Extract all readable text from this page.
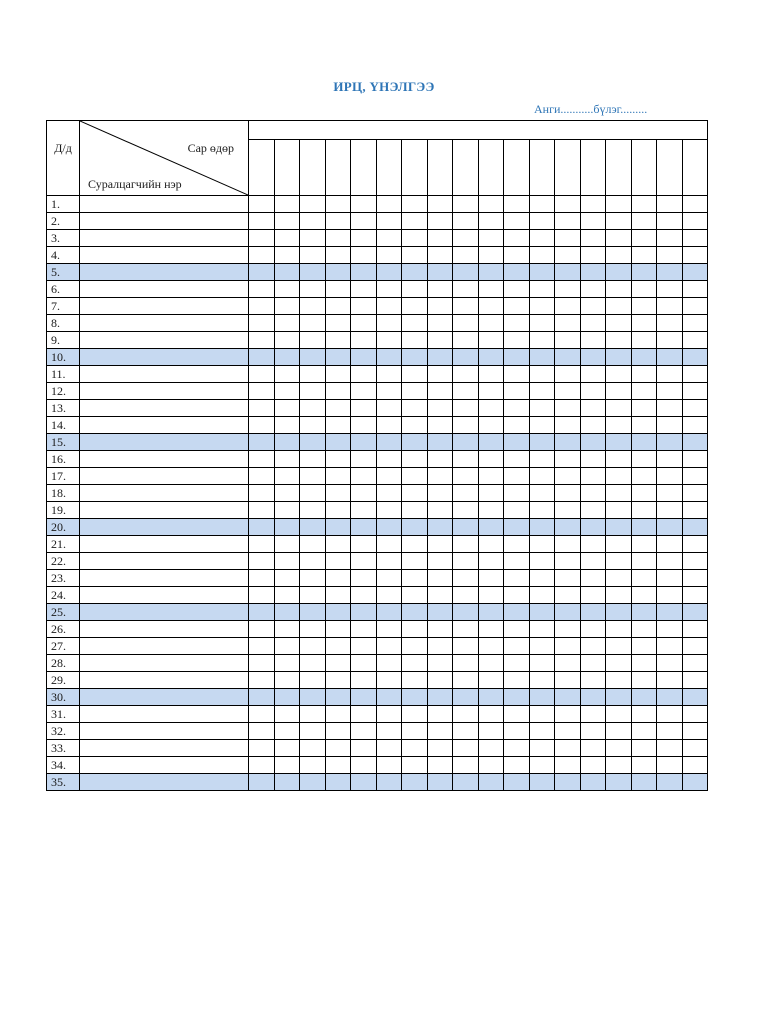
ИРЦ, ҮНЭЛГЭЭ
Анги...........бүлэг.........
Д/д	Сар өдөр
Суралцагчийн нэр																		

1.																			
2.																			
3.																			
4.																			
5.																			
6.																			
7.																			
8.																			
9.																			
10.																			
11.																			
12.																			
13.																			
14.																			
15.																			
16.																			
17.																			
18.																			
19.																			
20.																			
21.																			
22.																			
23.																			
24.																			
25.																			
26.																			
27.																			
28.																			
29.																			
30.																			
31.																			
32.																			
33.																			
34.																			
35.																			
